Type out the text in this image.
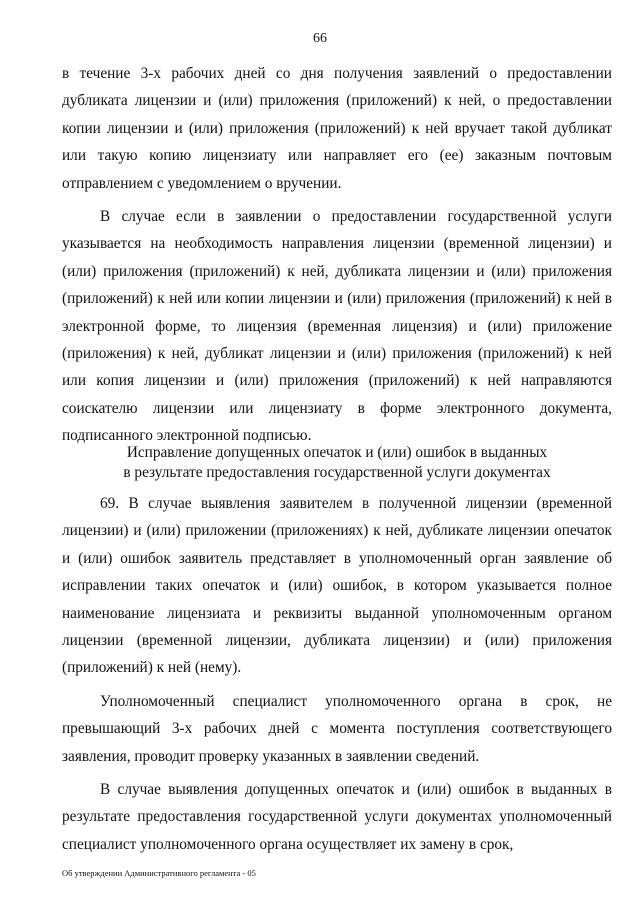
66

в течение 3-х рабочих дней со дня получения заявлений о предоставлении дубликата лицензии и (или) приложения (приложений) к ней, о предоставлении копии лицензии и (или) приложения (приложений) к ней вручает такой дубликат или такую копию лицензиату или направляет его (ее) заказным почтовым отправлением с уведомлением о вручении.

В случае если в заявлении о предоставлении государственной услуги указывается на необходимость направления лицензии (временной лицензии) и (или) приложения (приложений) к ней, дубликата лицензии и (или) приложения (приложений) к ней или копии лицензии и (или) приложения (приложений) к ней в электронной форме, то лицензия (временная лицензия) и (или) приложение (приложения) к ней, дубликат лицензии и (или) приложения (приложений) к ней или копия лицензии и (или) приложения (приложений) к ней направляются соискателю лицензии или лицензиату в форме электронного документа, подписанного электронной подписью.

Исправление допущенных опечаток и (или) ошибок в выданных
в результате предоставления государственной услуги документах

69. В случае выявления заявителем в полученной лицензии (временной лицензии) и (или) приложении (приложениях) к ней, дубликате лицензии опечаток и (или) ошибок заявитель представляет в уполномоченный орган заявление об исправлении таких опечаток и (или) ошибок, в котором указывается полное наименование лицензиата и реквизиты выданной уполномоченным органом лицензии (временной лицензии, дубликата лицензии) и (или) приложения (приложений) к ней (нему).

Уполномоченный специалист уполномоченного органа в срок, не превышающий 3-х рабочих дней с момента поступления соответствующего заявления, проводит проверку указанных в заявлении сведений.

В случае выявления допущенных опечаток и (или) ошибок в выданных в результате предоставления государственной услуги документах уполномоченный специалист уполномоченного органа осуществляет их замену в срок,

Об утверждении Административного регламента - 05
